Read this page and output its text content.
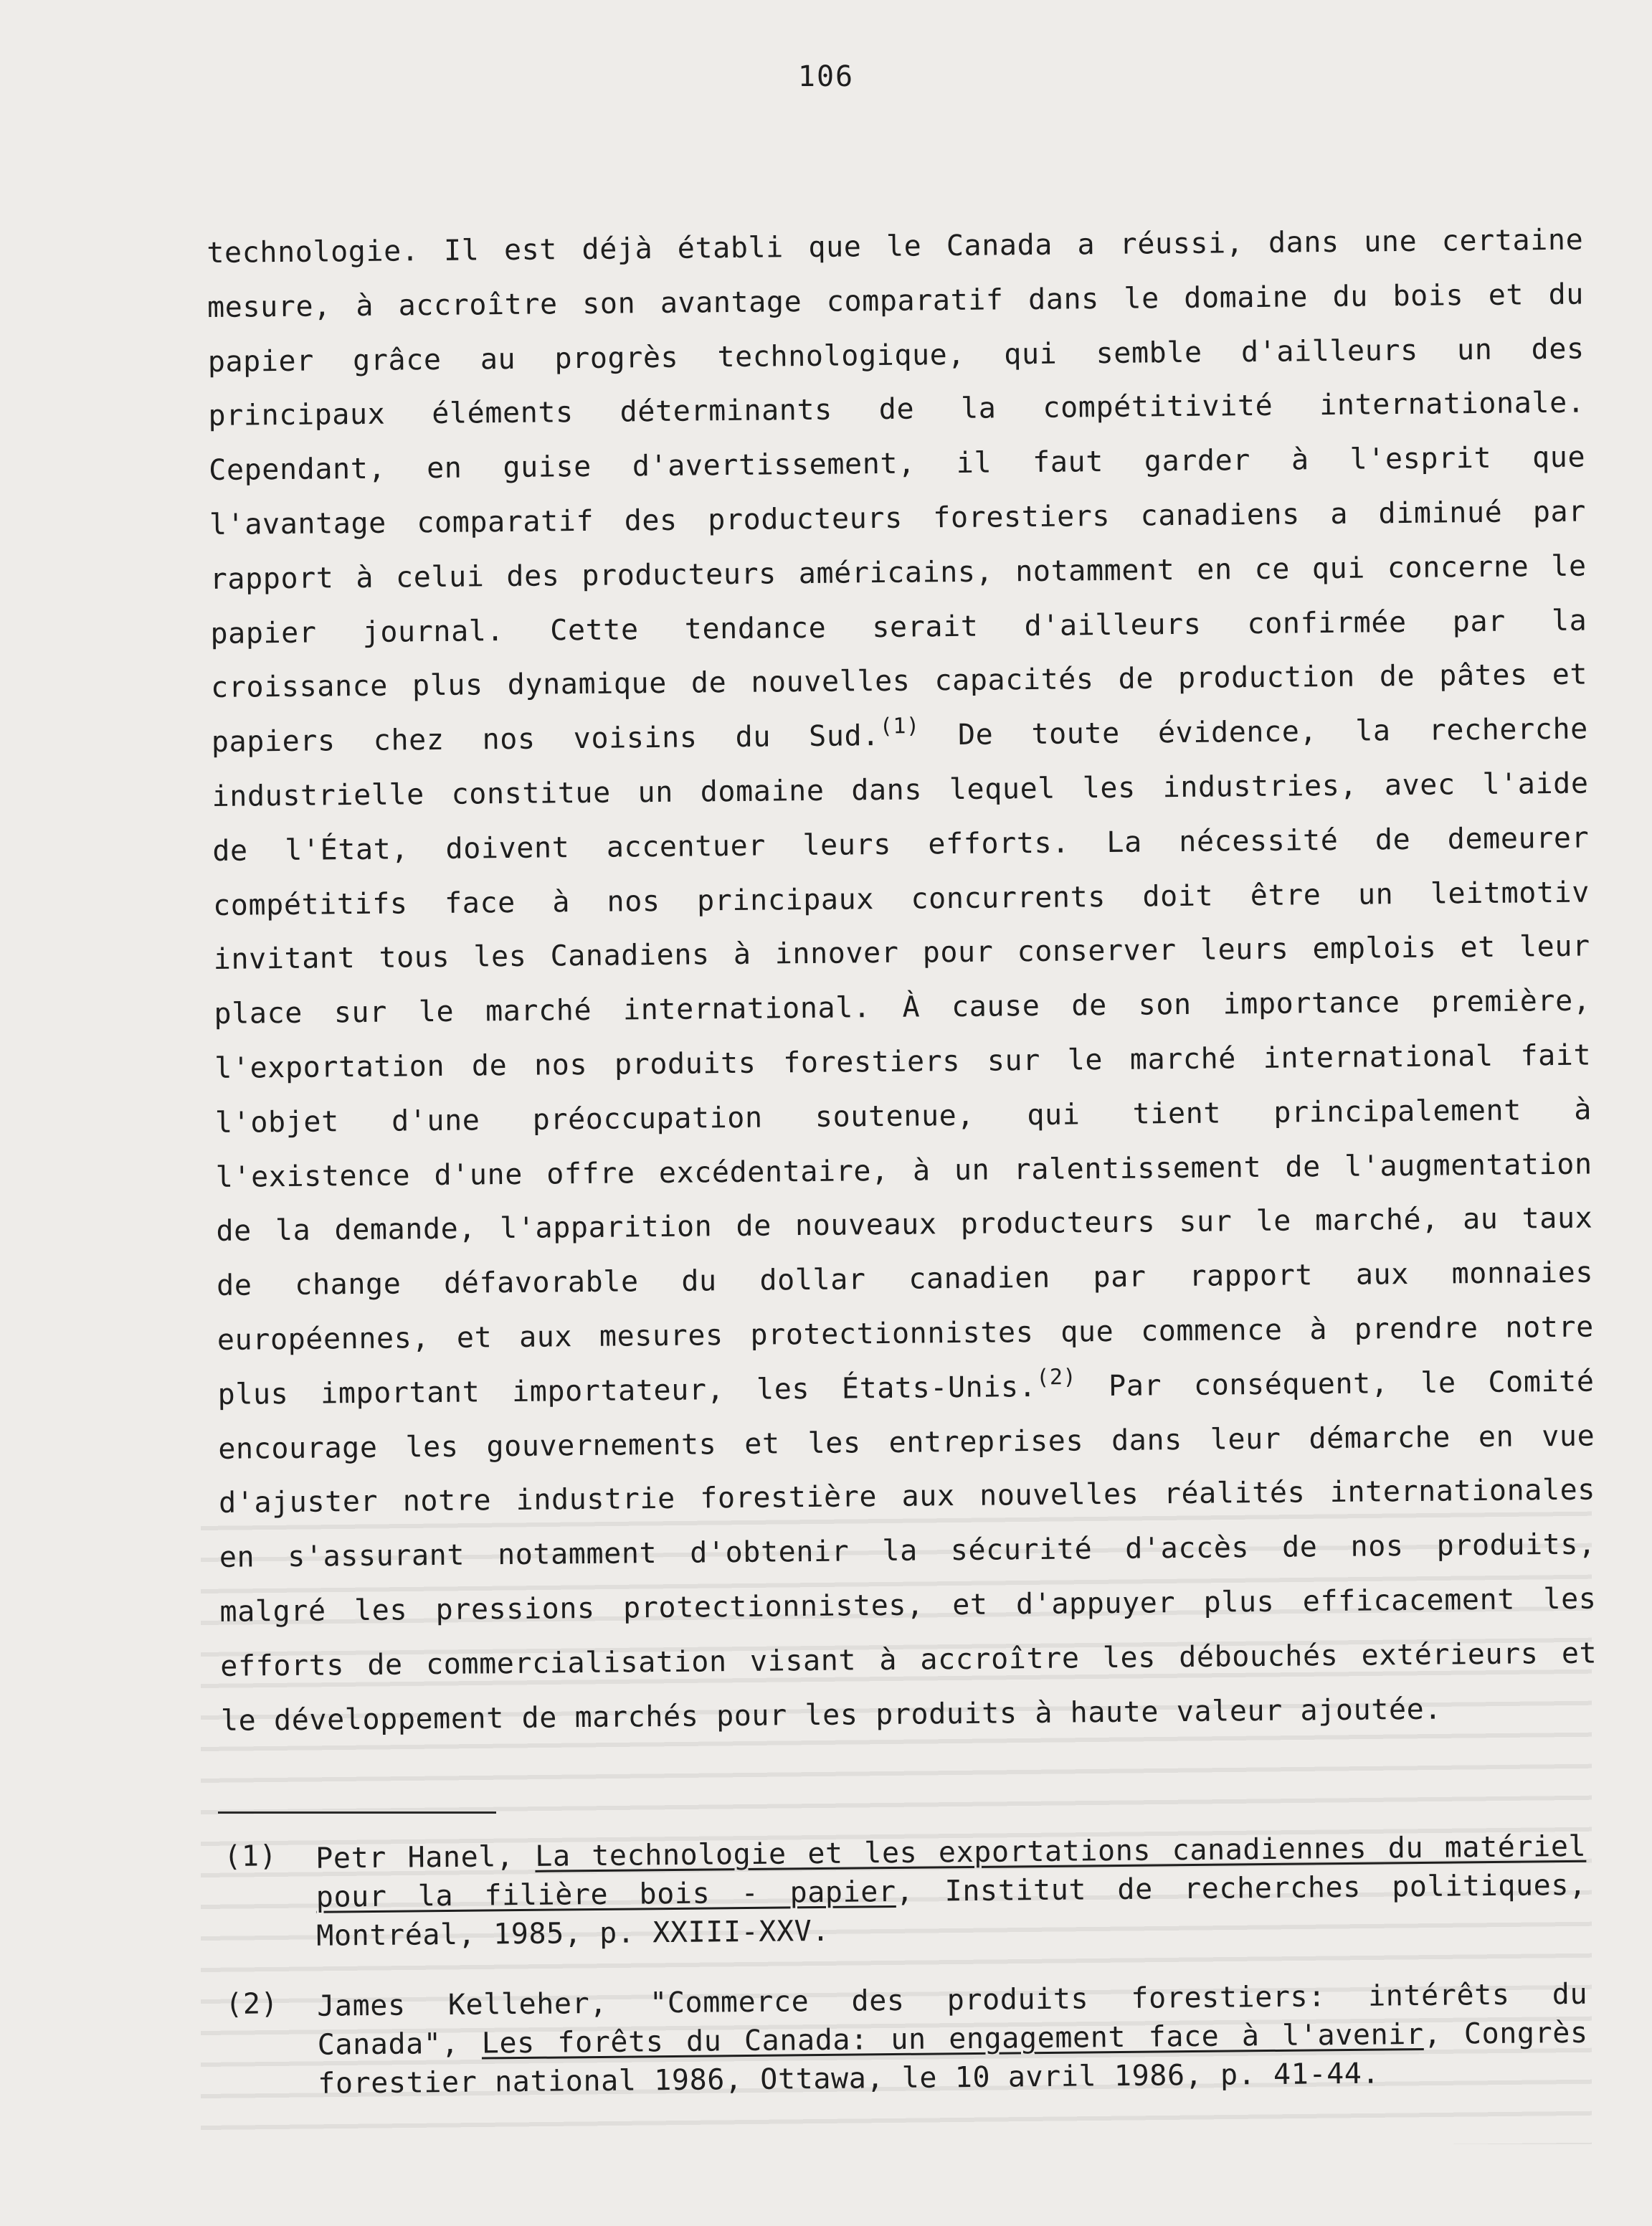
106
technologie. Il est déjà établi que le Canada a réussi, dans une certaine
mesure, à accroître son avantage comparatif dans le domaine du bois et du
papier grâce au progrès technologique, qui semble d'ailleurs un des
principaux éléments déterminants de la compétitivité internationale.
Cependant, en guise d'avertissement, il faut garder à l'esprit que
l'avantage comparatif des producteurs forestiers canadiens a diminué par
rapport à celui des producteurs américains, notamment en ce qui concerne le
papier journal. Cette tendance serait d'ailleurs confirmée par la
croissance plus dynamique de nouvelles capacités de production de pâtes et
papiers chez nos voisins du Sud.$^{(1)}$ De toute évidence, la recherche
industrielle constitue un domaine dans lequel les industries, avec l'aide
de l'État, doivent accentuer leurs efforts. La nécessité de demeurer
compétitifs face à nos principaux concurrents doit être un leitmotiv
invitant tous les Canadiens à innover pour conserver leurs emplois et leur
place sur le marché international. À cause de son importance première,
l'exportation de nos produits forestiers sur le marché international fait
l'objet d'une préoccupation soutenue, qui tient principalement à
l'existence d'une offre excédentaire, à un ralentissement de l'augmentation
de la demande, l'apparition de nouveaux producteurs sur le marché, au taux
de change défavorable du dollar canadien par rapport aux monnaies
européennes, et aux mesures protectionnistes que commence à prendre notre
plus important importateur, les États-Unis.$^{(2)}$ Par conséquent, le Comité
encourage les gouvernements et les entreprises dans leur démarche en vue
d'ajuster notre industrie forestière aux nouvelles réalités internationales
en s'assurant notamment d'obtenir la sécurité d'accès de nos produits,
malgré les pressions protectionnistes, et d'appuyer plus efficacement les
efforts de commercialisation visant à accroître les débouchés extérieurs et
le développement de marchés pour les produits à haute valeur ajoutée.
(1) Petr Hanel, La technologie et les exportations canadiennes du matériel
pour la filière bois - papier, Institut de recherches politiques,
Montréal, 1985, p. XXIII-XXV.
(2) James Kelleher, "Commerce des produits forestiers: intérêts du
Canada", Les forêts du Canada: un engagement face à l'avenir, Congrès
forestier national 1986, Ottawa, le 10 avril 1986, p. 41-44.
